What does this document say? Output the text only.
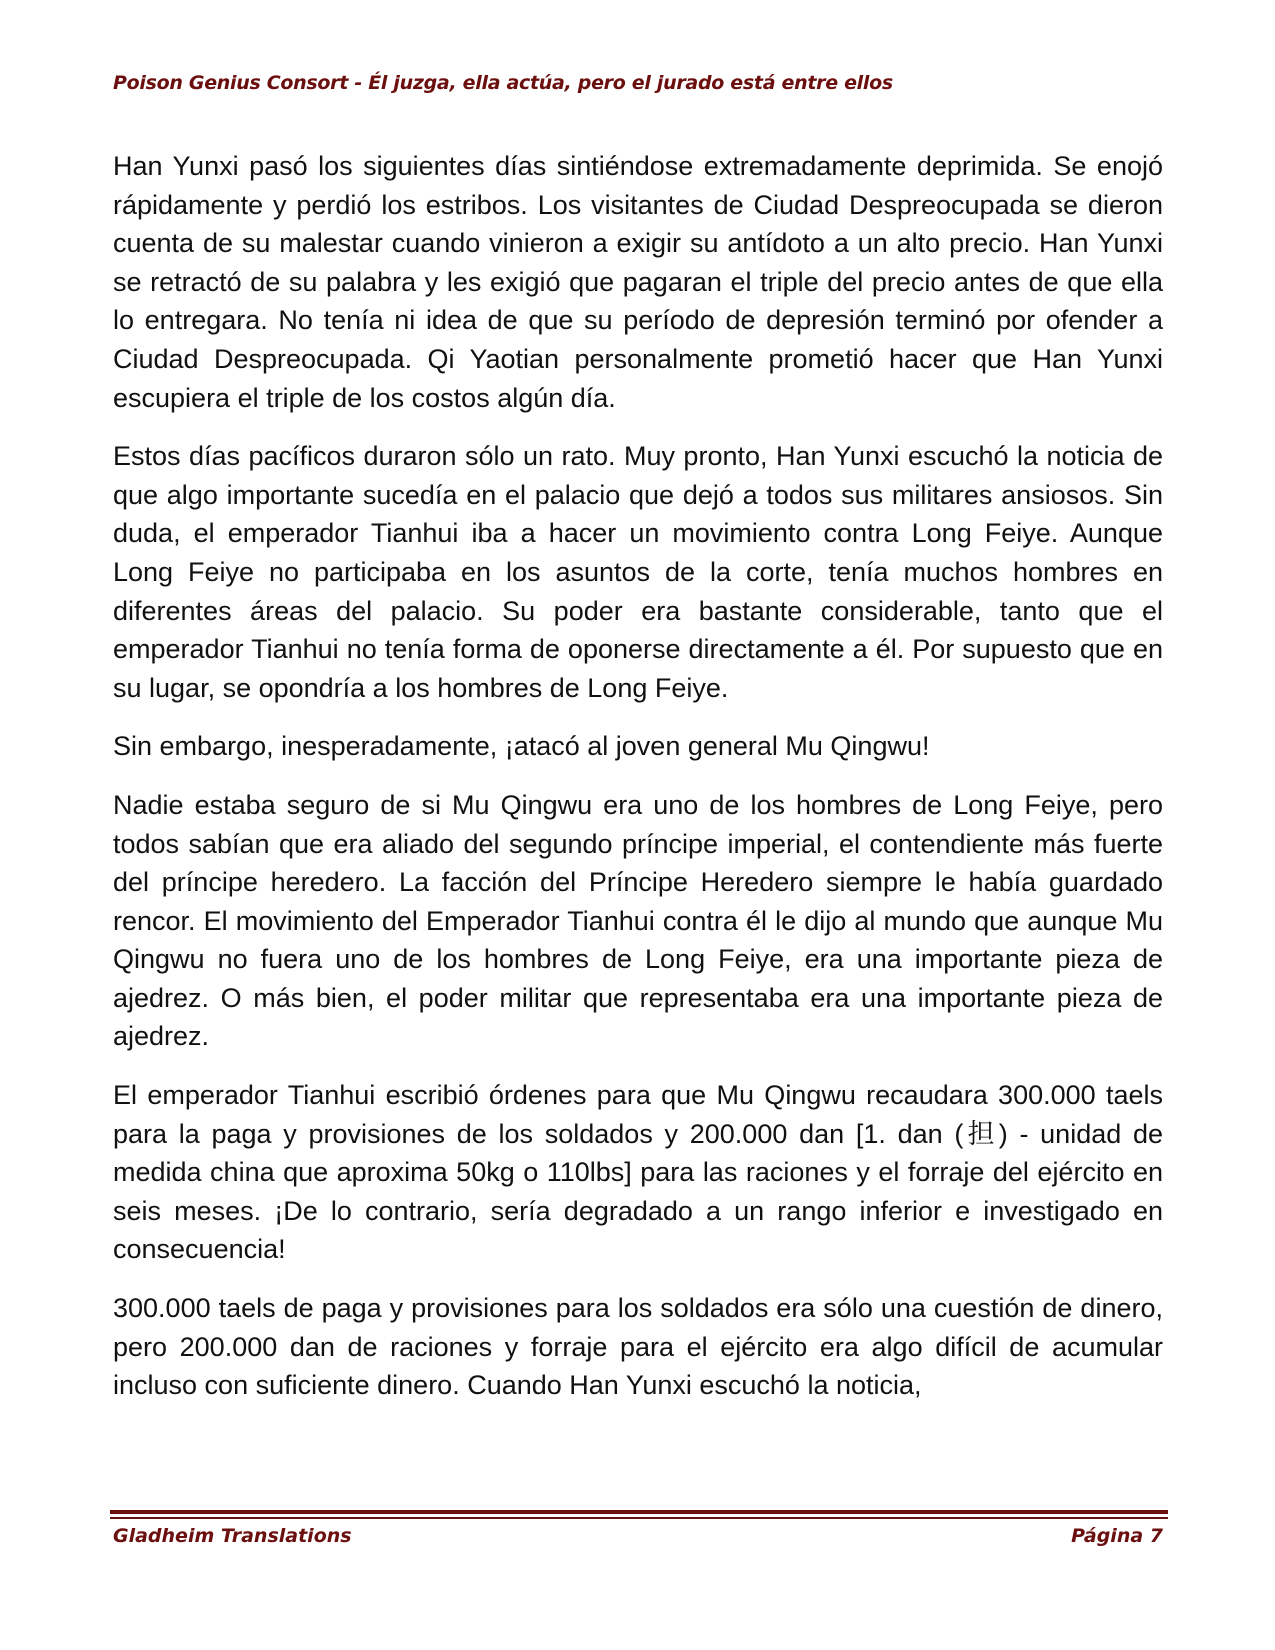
Poison Genius Consort - Él juzga, ella actúa, pero el jurado está entre ellos

Han Yunxi pasó los siguientes días sintiéndose extremadamente deprimida. Se enojó rápidamente y perdió los estribos. Los visitantes de Ciudad Despreocupada se dieron cuenta de su malestar cuando vinieron a exigir su antídoto a un alto precio. Han Yunxi se retractó de su palabra y les exigió que pagaran el triple del precio antes de que ella lo entregara. No tenía ni idea de que su período de depresión terminó por ofender a Ciudad Despreocupada. Qi Yaotian personalmente prometió hacer que Han Yunxi escupiera el triple de los costos algún día.

Estos días pacíficos duraron sólo un rato. Muy pronto, Han Yunxi escuchó la noticia de que algo importante sucedía en el palacio que dejó a todos sus militares ansiosos. Sin duda, el emperador Tianhui iba a hacer un movimiento contra Long Feiye. Aunque Long Feiye no participaba en los asuntos de la corte, tenía muchos hombres en diferentes áreas del palacio. Su poder era bastante considerable, tanto que el emperador Tianhui no tenía forma de oponerse directamente a él. Por supuesto que en su lugar, se opondría a los hombres de Long Feiye.

Sin embargo, inesperadamente, ¡atacó al joven general Mu Qingwu!

Nadie estaba seguro de si Mu Qingwu era uno de los hombres de Long Feiye, pero todos sabían que era aliado del segundo príncipe imperial, el contendiente más fuerte del príncipe heredero. La facción del Príncipe Heredero siempre le había guardado rencor. El movimiento del Emperador Tianhui contra él le dijo al mundo que aunque Mu Qingwu no fuera uno de los hombres de Long Feiye, era una importante pieza de ajedrez. O más bien, el poder militar que representaba era una importante pieza de ajedrez.

El emperador Tianhui escribió órdenes para que Mu Qingwu recaudara 300.000 taels para la paga y provisiones de los soldados y 200.000 dan [1. dan (担) - unidad de medida china que aproxima 50kg o 110lbs] para las raciones y el forraje del ejército en seis meses. ¡De lo contrario, sería degradado a un rango inferior e investigado en consecuencia!

300.000 taels de paga y provisiones para los soldados era sólo una cuestión de dinero, pero 200.000 dan de raciones y forraje para el ejército era algo difícil de acumular incluso con suficiente dinero. Cuando Han Yunxi escuchó la noticia,

Gladheim Translations	Página 7
